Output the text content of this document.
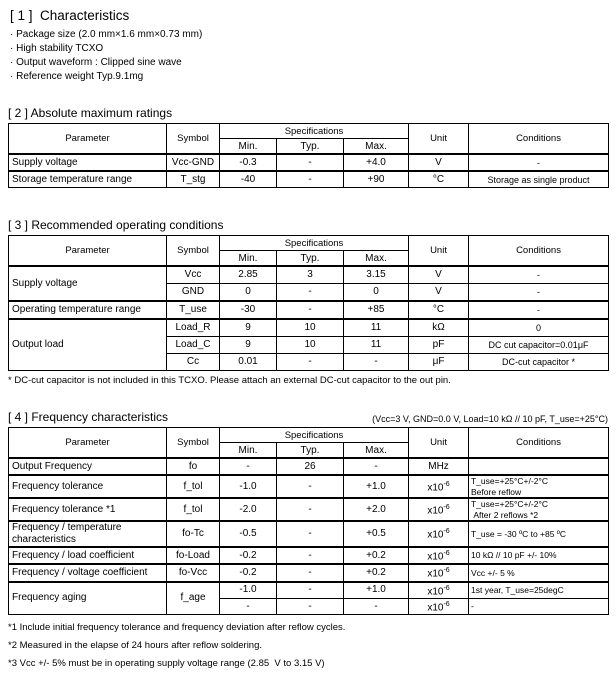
[ 1 ]  Characteristics
· Package size (2.0 mm×1.6 mm×0.73 mm)
· High stability TCXO
· Output waveform : Clipped sine wave
· Reference weight Typ.9.1mg
[ 2 ] Absolute maximum ratings
Parameter	Symbol	Specifications			Unit	Conditions
		Min.	Typ.	Max.		
Supply voltage	Vcc-GND	-0.3	-	+4.0	V	-
Storage temperature range	T_stg	-40	-	+90	°C	Storage as single product
[ 3 ] Recommended operating conditions
Parameter	Symbol	Specifications			Unit	Conditions
		Min.	Typ.	Max.		
Supply voltage	Vcc	2.85	3	3.15	V	-
	GND	0	-	0	V	-
Operating temperature range	T_use	-30	-	+85	°C	-
Output load	Load_R	9	10	11	kΩ	0
	Load_C	9	10	11	pF	DC cut capacitor=0.01μF
	Cc	0.01	-	-	μF	DC-cut capacitor *
* DC-cut capacitor is not included in this TCXO. Please attach an external DC-cut capacitor to the out pin.
[ 4 ] Frequency characteristics	(Vcc=3 V, GND=0.0 V, Load=10 kΩ // 10 pF, T_use=+25°C)
Parameter	Symbol	Specifications			Unit	Conditions
		Min.	Typ.	Max.		
Output Frequency	fo	-	26	-	MHz	
Frequency tolerance	f_tol	-1.0	-	+1.0	$x10^{-6}$	T_use=+25°C+/-2°C
Before reflow

Frequency tolerance *1	f_tol	-2.0	-	+2.0	$x10^{-6}$	T_use=+25°C+/-2°C
After 2 reflows *2

Frequency / temperature characteristics	fo-Tc	-0.5	-	+0.5	$x10^{-6}$	T_use = -30 ºC to +85 ºC

Frequency / load coefficient	fo-Load	-0.2	-	+0.2	$x10^{-6}$	10 kΩ // 10 pF +/- 10%

Frequency / voltage coefficient	fo-Vcc	-0.2	-	+0.2	$x10^{-6}$	Vcc +/- 5 %

Frequency aging	f_age	-1.0	-	+1.0	$x10^{-6}$	1st year, T_use=25degC

		-	-	-	$x10^{-6}$	-
*1 Include initial frequency tolerance and frequency deviation after reflow cycles.
*2 Measured in the elapse of 24 hours after reflow soldering.
*3 Vcc +/- 5% must be in operating supply voltage range (2.85  V to 3.15 V)
